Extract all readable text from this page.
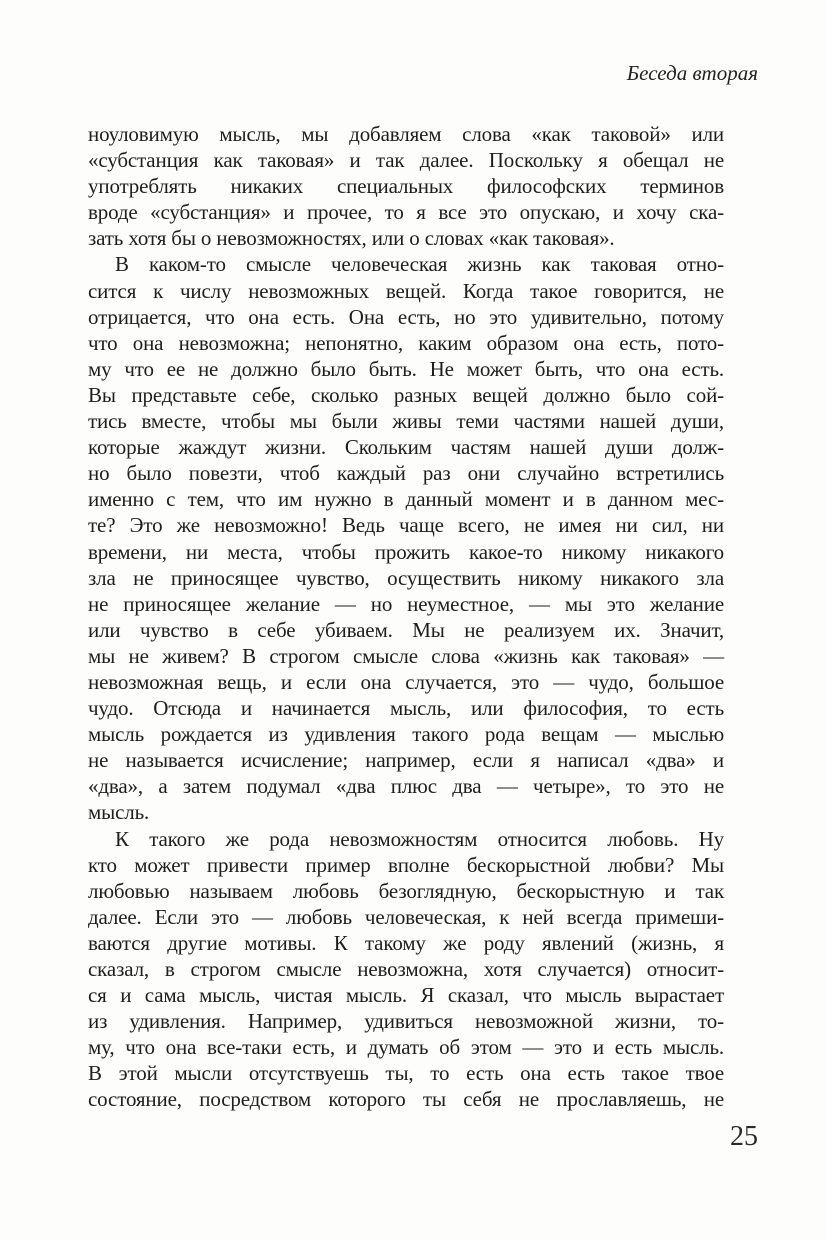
Беседа вторая
ноуловимую мысль, мы добавляем слова «как таковой» или
«субстанция как таковая» и так далее. Поскольку я обещал не
употреблять никаких специальных философских терминов
вроде «субстанция» и прочее, то я все это опускаю, и хочу ска-
зать хотя бы о невозможностях, или о словах «как таковая».
В каком-то смысле человеческая жизнь как таковая отно-
сится к числу невозможных вещей. Когда такое говорится, не
отрицается, что она есть. Она есть, но это удивительно, потому
что она невозможна; непонятно, каким образом она есть, пото-
му что ее не должно было быть. Не может быть, что она есть.
Вы представьте себе, сколько разных вещей должно было сой-
тись вместе, чтобы мы были живы теми частями нашей души,
которые жаждут жизни. Скольким частям нашей души долж-
но было повезти, чтоб каждый раз они случайно встретились
именно с тем, что им нужно в данный момент и в данном мес-
те? Это же невозможно! Ведь чаще всего, не имея ни сил, ни
времени, ни места, чтобы прожить какое-то никому никакого
зла не приносящее чувство, осуществить никому никакого зла
не приносящее желание — но неуместное, — мы это желание
или чувство в себе убиваем. Мы не реализуем их. Значит,
мы не живем? В строгом смысле слова «жизнь как таковая» —
невозможная вещь, и если она случается, это — чудо, большое
чудо. Отсюда и начинается мысль, или философия, то есть
мысль рождается из удивления такого рода вещам — мыслью
не называется исчисление; например, если я написал «два» и
«два», а затем подумал «два плюс два — четыре», то это не
мысль.
К такого же рода невозможностям относится любовь. Ну
кто может привести пример вполне бескорыстной любви? Мы
любовью называем любовь безоглядную, бескорыстную и так
далее. Если это — любовь человеческая, к ней всегда примеши-
ваются другие мотивы. К такому же роду явлений (жизнь, я
сказал, в строгом смысле невозможна, хотя случается) относит-
ся и сама мысль, чистая мысль. Я сказал, что мысль вырастает
из удивления. Например, удивиться невозможной жизни, то-
му, что она все-таки есть, и думать об этом — это и есть мысль.
В этой мысли отсутствуешь ты, то есть она есть такое твое
состояние, посредством которого ты себя не прославляешь, не
25
